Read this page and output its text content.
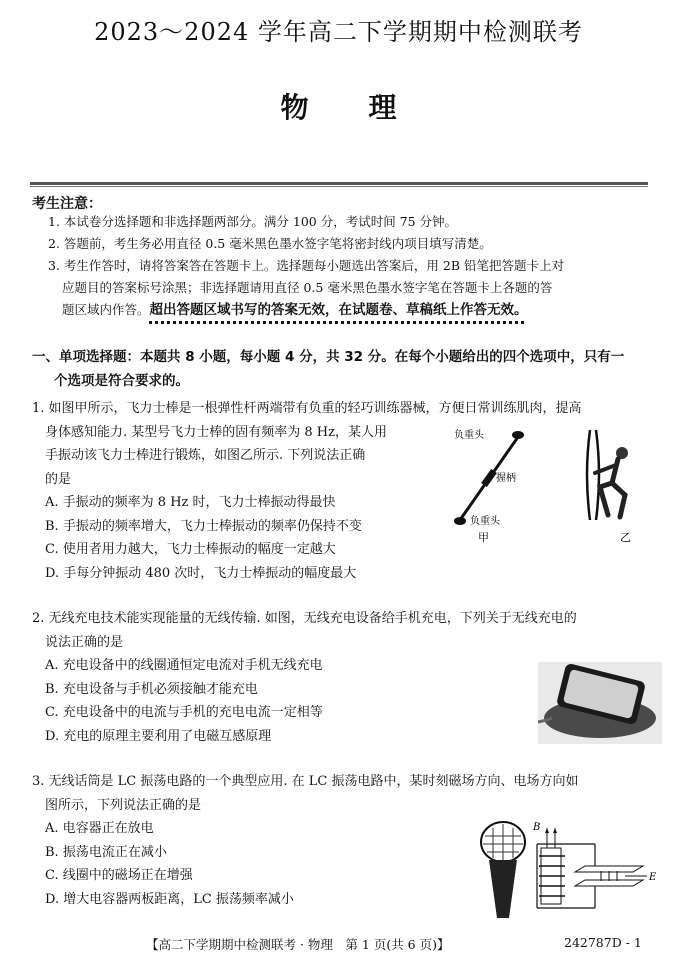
2023～2024 学年高二下学期期中检测联考
物理
考生注意：
1. 本试卷分选择题和非选择题两部分。满分 100 分，考试时间 75 分钟。
2. 答题前，考生务必用直径 0.5 毫米黑色墨水签字笔将密封线内项目填写清楚。
3. 考生作答时，请将答案答在答题卡上。选择题每小题选出答案后，用 2B 铅笔把答题卡上对
应题目的答案标号涂黑；非选择题请用直径 0.5 毫米黑色墨水签字笔在答题卡上各题的答
题区域内作答。超出答题区域书写的答案无效，在试题卷、草稿纸上作答无效。
一、单项选择题：本题共 8 小题，每小题 4 分，共 32 分。在每个小题给出的四个选项中，只有一
个选项是符合要求的。

1. 如图甲所示，飞力士棒是一根弹性杆两端带有负重的轻巧训练器械，方便日常训练肌肉，提高

身体感知能力. 某型号飞力士棒的固有频率为 8 Hz，某人用

手振动该飞力士棒进行锻炼，如图乙所示. 下列说法正确

的是

A. 手振动的频率为 8 Hz 时，飞力士棒振动得最快

B. 手振动的频率增大，飞力士棒振动的频率仍保持不变

C. 使用者用力越大，飞力士棒振动的幅度一定越大

D. 手每分钟振动 480 次时，飞力士棒振动的幅度最大

负重头
握柄
负重头
甲	乙

2. 无线充电技术能实现能量的无线传输. 如图，无线充电设备给手机充电，下列关于无线充电的

说法正确的是

A. 充电设备中的线圈通恒定电流对手机无线充电

B. 充电设备与手机必须接触才能充电

C. 充电设备中的电流与手机的充电电流一定相等

D. 充电的原理主要利用了电磁互感原理

3. 无线话筒是 LC 振荡电路的一个典型应用. 在 LC 振荡电路中，某时刻磁场方向、电场方向如

图所示，下列说法正确的是

A. 电容器正在放电

B. 振荡电流正在减小

C. 线圈中的磁场正在增强

D. 增大电容器两板距离，LC 振荡频率减小

B
E
【高二下学期期中检测联考 · 物理　第 1 页(共 6 页)】	242787D - 1
